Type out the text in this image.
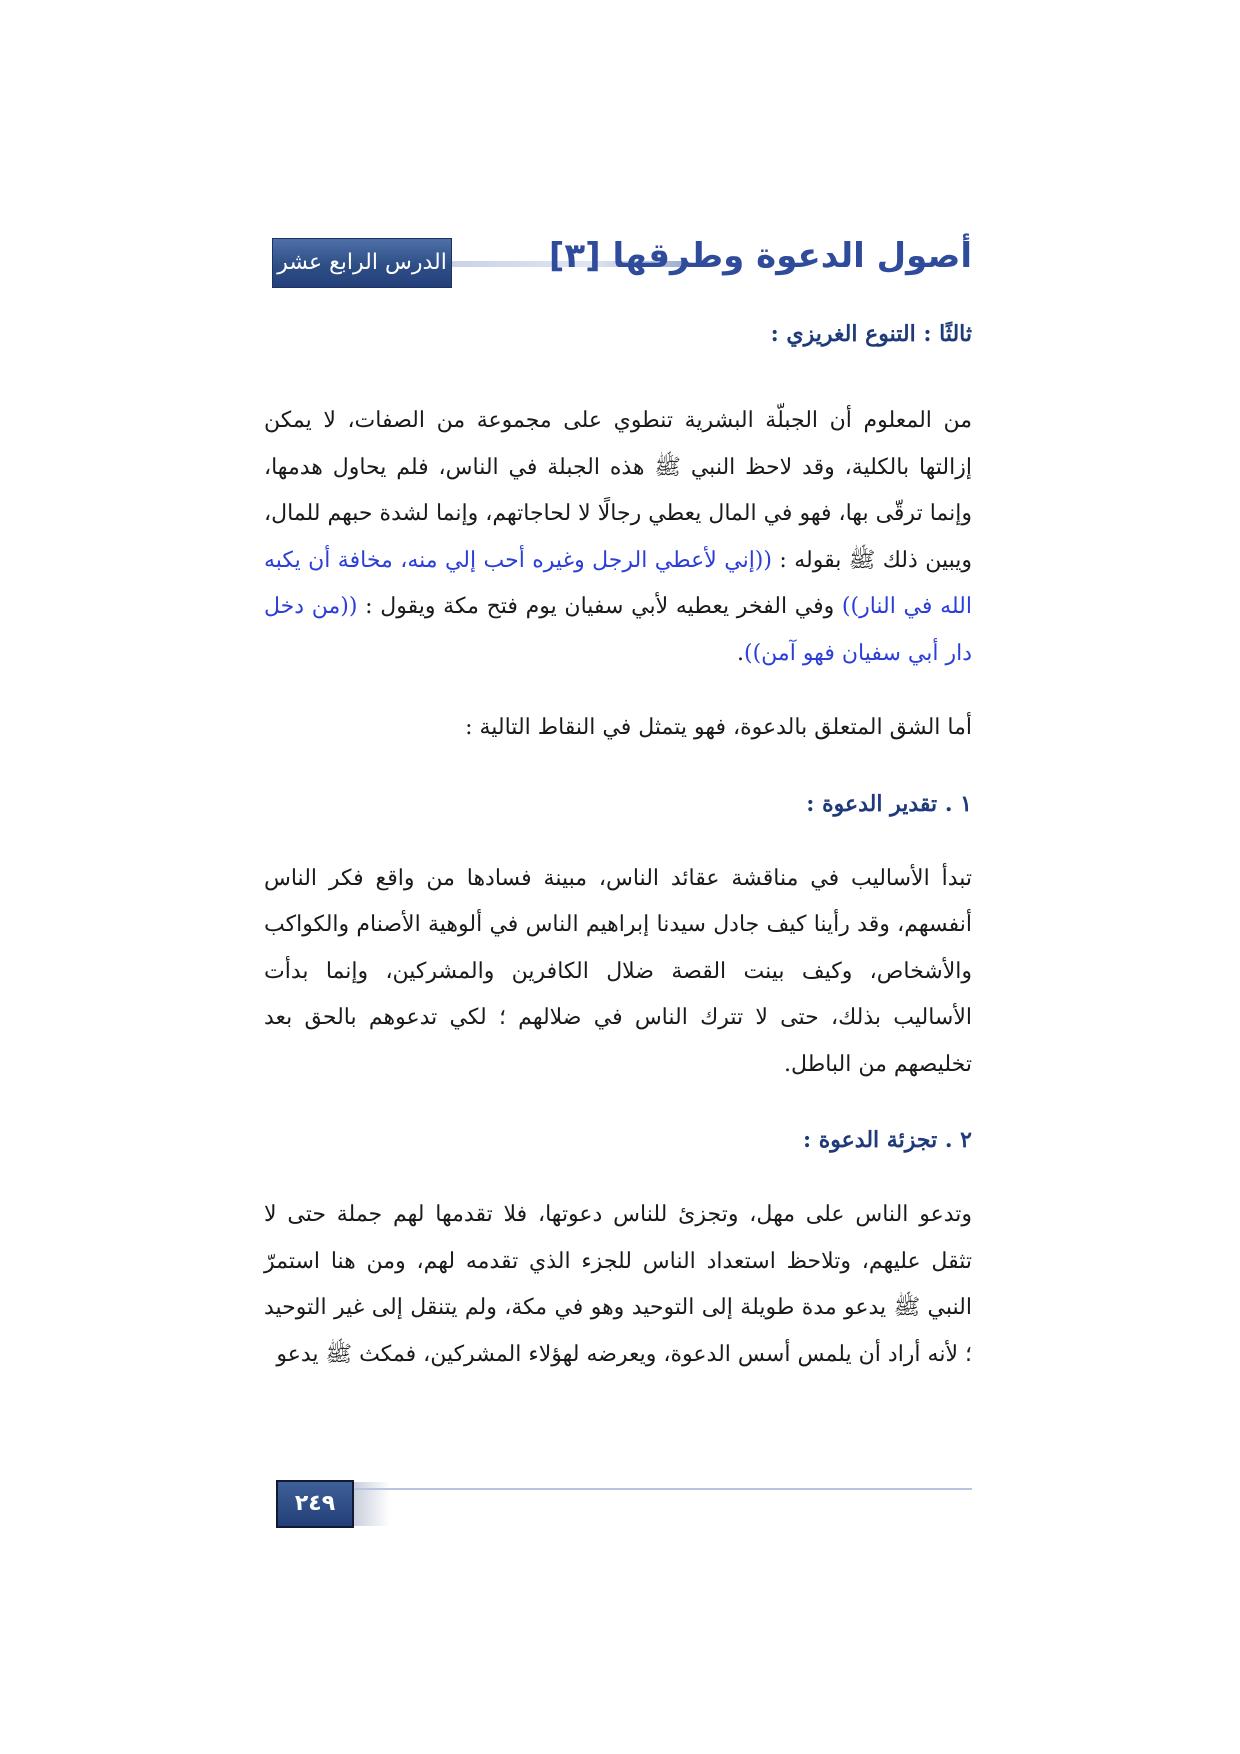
الدرس الرابع عشر	أصول الدعوة وطرقها [٣]

ثالثًا : التنوع الغريزي :

من المعلوم أن الجبلّة البشرية تنطوي على مجموعة من الصفات، لا يمكن إزالتها بالكلية، وقد لاحظ النبي ﷺ هذه الجبلة في الناس، فلم يحاول هدمها، وإنما ترقّى بها، فهو في المال يعطي رجالًا لا لحاجاتهم، وإنما لشدة حبهم للمال، ويبين ذلك ﷺ بقوله : ((إني لأعطي الرجل وغيره أحب إلي منه، مخافة أن يكبه الله في النار)) وفي الفخر يعطيه لأبي سفيان يوم فتح مكة ويقول : ((من دخل دار أبي سفيان فهو آمن)).

أما الشق المتعلق بالدعوة، فهو يتمثل في النقاط التالية :

١ . تقدير الدعوة :

تبدأ الأساليب في مناقشة عقائد الناس، مبينة فسادها من واقع فكر الناس أنفسهم، وقد رأينا كيف جادل سيدنا إبراهيم الناس في ألوهية الأصنام والكواكب والأشخاص، وكيف بينت القصة ضلال الكافرين والمشركين، وإنما بدأت الأساليب بذلك، حتى لا تترك الناس في ضلالهم ؛ لكي تدعوهم بالحق بعد تخليصهم من الباطل.

٢ . تجزئة الدعوة :

وتدعو الناس على مهل، وتجزئ للناس دعوتها، فلا تقدمها لهم جملة حتى لا تثقل عليهم، وتلاحظ استعداد الناس للجزء الذي تقدمه لهم، ومن هنا استمرّ النبي ﷺ يدعو مدة طويلة إلى التوحيد وهو في مكة، ولم يتنقل إلى غير التوحيد ؛ لأنه أراد أن يلمس أسس الدعوة، ويعرضه لهؤلاء المشركين، فمكث ﷺ يدعو

٢٤٩
